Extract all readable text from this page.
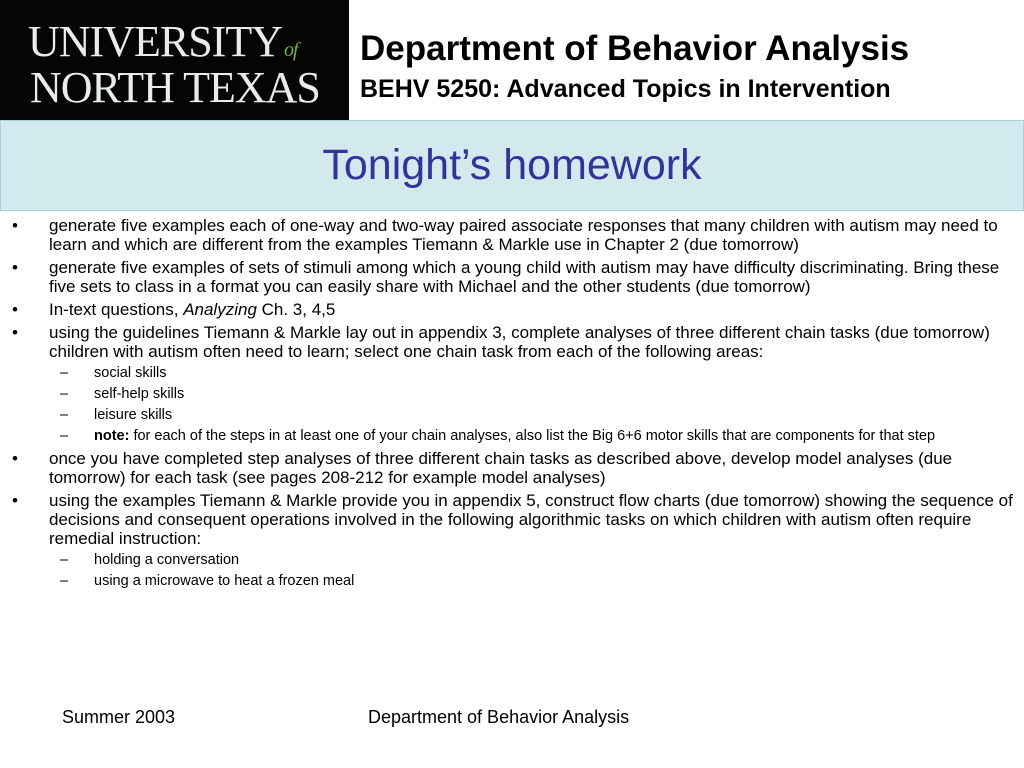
UNIVERSITY of
NORTH TEXAS
Department of Behavior Analysis
BEHV 5250: Advanced Topics in Intervention
Tonight’s homework
• generate five examples each of one-way and two-way paired associate responses that many children with autism may need to learn and which are different from the examples Tiemann & Markle use in Chapter 2 (due tomorrow)
• generate five examples of sets of stimuli among which a young child with autism may have difficulty discriminating. Bring these five sets to class in a format you can easily share with Michael and the other students (due tomorrow)
• In-text questions, Analyzing Ch. 3, 4,5
• using the guidelines Tiemann & Markle lay out in appendix 3, complete analyses of three different chain tasks (due tomorrow) children with autism often need to learn; select one chain task from each of the following areas:
– social skills
– self-help skills
– leisure skills
– note: for each of the steps in at least one of your chain analyses, also list the Big 6+6 motor skills that are components for that step
• once you have completed step analyses of three different chain tasks as described above, develop model analyses (due tomorrow) for each task (see pages 208-212 for example model analyses)
• using the examples Tiemann & Markle provide you in appendix 5, construct flow charts (due tomorrow) showing the sequence of decisions and consequent operations involved in the following algorithmic tasks on which children with autism often require remedial instruction:
– holding a conversation
– using a microwave to heat a frozen meal
Summer 2003	Department of Behavior Analysis
